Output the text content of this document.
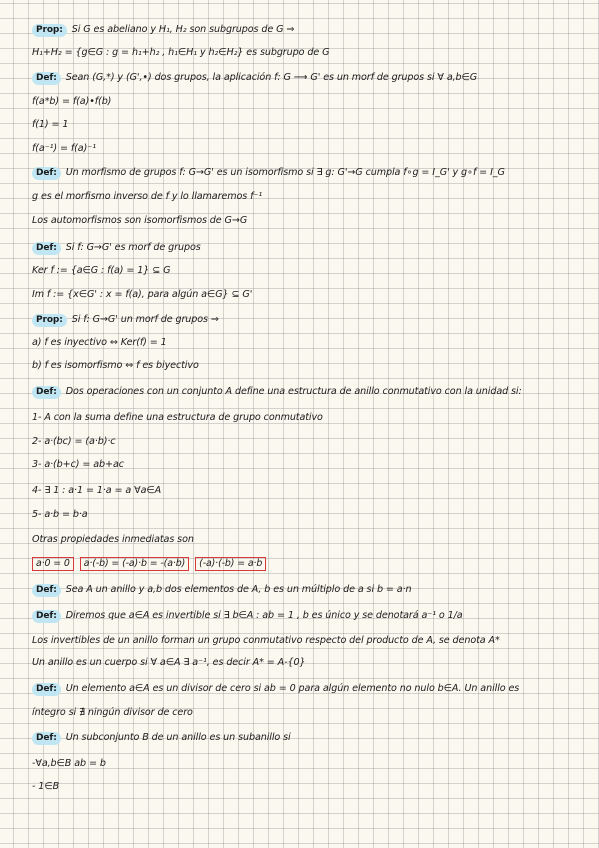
Prop: Si G es abeliano y H₁, H₂ son subgrupos de G ⇒
H₁+H₂ = {g∈G : g = h₁+h₂ , h₁∈H₁ y h₂∈H₂} es subgrupo de G
Def: Sean (G,*) y (G',•) dos grupos, la aplicación f: G ⟶ G' es un morf de grupos si ∀ a,b∈G
f(a*b) = f(a)•f(b)
f(1) = 1
f(a⁻¹) = f(a)⁻¹
Def: Un morfismo de grupos f: G→G' es un isomorfismo si ∃ g: G'→G cumpla f∘g = I_G' y g∘f = I_G
g es el morfismo inverso de f y lo llamaremos f⁻¹
Los automorfismos son isomorfismos de G→G
Def: Si f: G→G' es morf de grupos
Ker f := {a∈G : f(a) = 1} ⊆ G
Im f := {x∈G' : x = f(a), para algún a∈G} ⊆ G'
Prop: Si f: G→G' un morf de grupos ⇒
a) f es inyectivo ⇔ Ker(f) = 1
b) f es isomorfismo ⇔ f es biyectivo
Def: Dos operaciones con un conjunto A define una estructura de anillo conmutativo con la unidad si:
1- A con la suma define una estructura de grupo conmutativo
2- a·(bc) = (a·b)·c
3- a·(b+c) = ab+ac
4- ∃ 1 : a·1 = 1·a = a ∀a∈A
5- a·b = b·a
Otras propiedades inmediatas son
a·0 = 0 a·(-b) = (-a)·b = -(a·b) (-a)·(-b) = a·b
Def: Sea A un anillo y a,b dos elementos de A, b es un múltiplo de a si b = a·n
Def: Diremos que a∈A es invertible si ∃ b∈A : ab = 1 , b es único y se denotará a⁻¹ o 1/a
Los invertibles de un anillo forman un grupo conmutativo respecto del producto de A, se denota A*
Un anillo es un cuerpo si ∀ a∈A ∃ a⁻¹, es decir A* = A-{0}
Def: Un elemento a∈A es un divisor de cero si ab = 0 para algún elemento no nulo b∈A. Un anillo es
íntegro si ∄ ningún divisor de cero
Def: Un subconjunto B de un anillo es un subanillo si
-∀a,b∈B ab = b
- 1∈B
